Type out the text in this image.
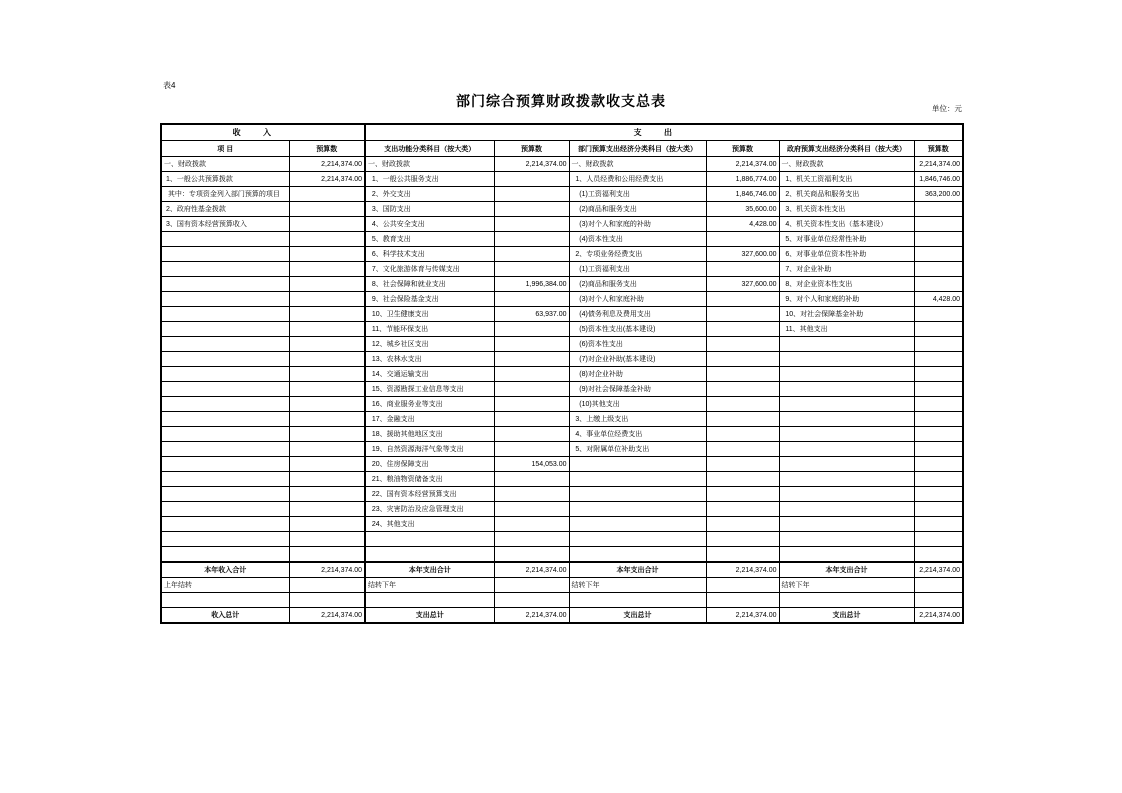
表4
部门综合预算财政拨款收支总表	单位：元
收入		支出					
项 目	预算数	支出功能分类科目（按大类）	预算数	部门预算支出经济分类科目（按大类）	预算数	政府预算支出经济分类科目（按大类）	预算数
一、财政拨款	2,214,374.00	一、财政拨款	2,214,374.00	一、财政拨款	2,214,374.00	一、财政拨款	2,214,374.00
1、一般公共预算拨款	2,214,374.00	1、一般公共服务支出		1、人员经费和公用经费支出	1,886,774.00	1、机关工资福利支出	1,846,746.00
其中：专项资金列入部门预算的项目		2、外交支出		(1)工资福利支出	1,846,746.00	2、机关商品和服务支出	363,200.00
2、政府性基金拨款		3、国防支出		(2)商品和服务支出	35,600.00	3、机关资本性支出	
3、国有资本经营预算收入		4、公共安全支出		(3)对个人和家庭的补助	4,428.00	4、机关资本性支出（基本建设）	
		5、教育支出		(4)资本性支出		5、对事业单位经常性补助	
		6、科学技术支出		2、专项业务经费支出	327,600.00	6、对事业单位资本性补助	
		7、文化旅游体育与传媒支出		(1)工资福利支出		7、对企业补助	
		8、社会保障和就业支出	1,996,384.00	(2)商品和服务支出	327,600.00	8、对企业资本性支出	
		9、社会保险基金支出		(3)对个人和家庭补助		9、对个人和家庭的补助	4,428.00
		10、卫生健康支出	63,937.00	(4)债务利息及费用支出		10、对社会保障基金补助	
		11、节能环保支出		(5)资本性支出(基本建设)		11、其他支出	
		12、城乡社区支出		(6)资本性支出			
		13、农林水支出		(7)对企业补助(基本建设)			
		14、交通运输支出		(8)对企业补助			
		15、资源勘探工业信息等支出		(9)对社会保障基金补助			
		16、商业服务业等支出		(10)其他支出			
		17、金融支出		3、上缴上级支出			
		18、援助其他地区支出		4、事业单位经费支出			
		19、自然资源海洋气象等支出		5、对附属单位补助支出			
		20、住房保障支出	154,053.00				
		21、粮油物资储备支出					
		22、国有资本经营预算支出					
		23、灾害防治及应急管理支出					
		24、其他支出					

本年收入合计	2,214,374.00	本年支出合计	2,214,374.00	本年支出合计	2,214,374.00	本年支出合计	2,214,374.00
上年结转		结转下年		结转下年		结转下年	

收入总计	2,214,374.00	支出总计	2,214,374.00	支出总计	2,214,374.00	支出总计	2,214,374.00
